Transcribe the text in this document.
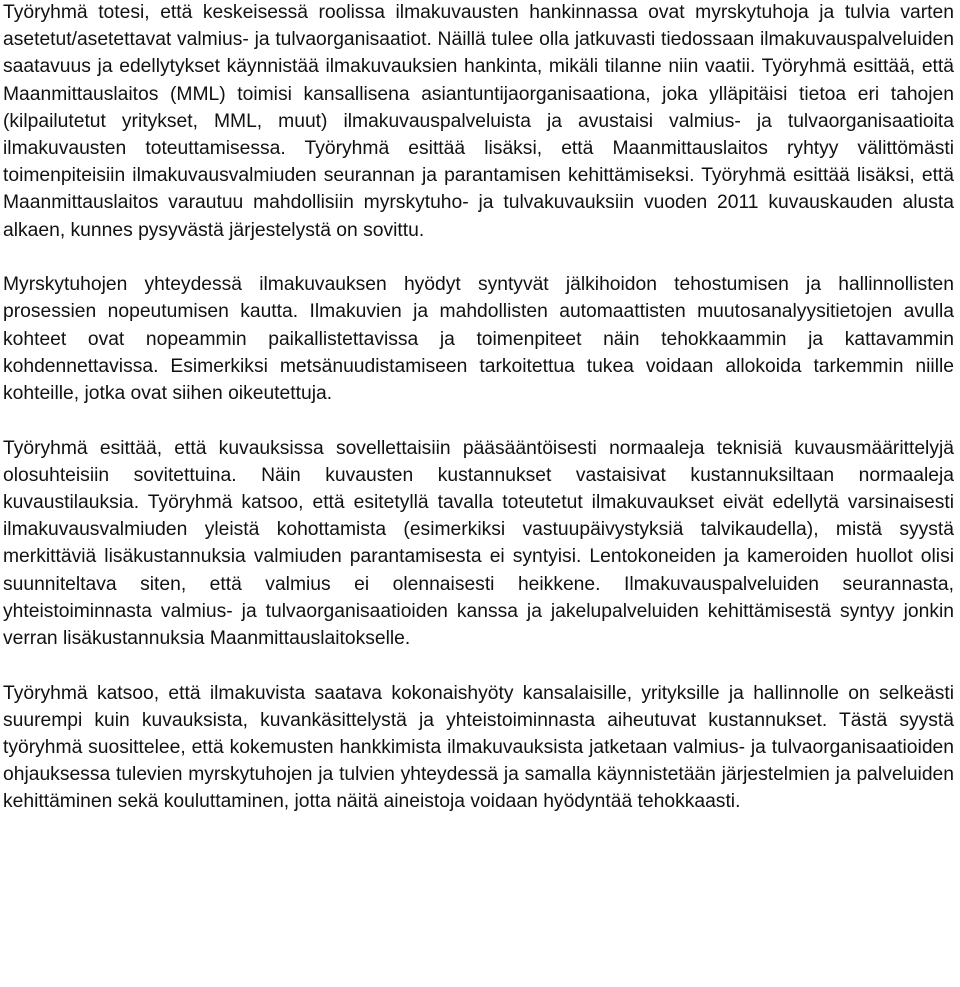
Työryhmä totesi, että keskeisessä roolissa ilmakuvausten hankinnassa ovat myrskytuhoja ja tulvia varten asetetut/asetettavat valmius- ja tulvaorganisaatiot. Näillä tulee olla jatkuvasti tiedossaan ilmakuvauspalveluiden saatavuus ja edellytykset käynnistää ilmakuvauksien hankinta, mikäli tilanne niin vaatii. Työryhmä esittää, että Maanmittauslaitos (MML) toimisi kansallisena asiantuntijaorganisaationa, joka ylläpitäisi tietoa eri tahojen (kilpailutetut yritykset, MML, muut) ilmakuvauspalveluista ja avustaisi valmius- ja tulvaorganisaatioita ilmakuvausten toteuttamisessa. Työryhmä esittää lisäksi, että Maanmittauslaitos ryhtyy välittömästi toimenpiteisiin ilmakuvausvalmiuden seurannan ja parantamisen kehittämiseksi. Työryhmä esittää lisäksi, että Maanmittauslaitos varautuu mahdollisiin myrskytuho- ja tulvakuvauksiin vuoden 2011 kuvauskauden alusta alkaen, kunnes pysyvästä järjestelystä on sovittu.

Myrskytuhojen yhteydessä ilmakuvauksen hyödyt syntyvät jälkihoidon tehostumisen ja hallinnollisten prosessien nopeutumisen kautta. Ilmakuvien ja mahdollisten automaattisten muutosanalyysitietojen avulla kohteet ovat nopeammin paikallistettavissa ja toimenpiteet näin tehokkaammin ja kattavammin kohdennettavissa. Esimerkiksi metsänuudistamiseen tarkoitettua tukea voidaan allokoida tarkemmin niille kohteille, jotka ovat siihen oikeutettuja.

Työryhmä esittää, että kuvauksissa sovellettaisiin pääsääntöisesti normaaleja teknisiä kuvausmäärittelyjä olosuhteisiin sovitettuina. Näin kuvausten kustannukset vastaisivat kustannuksiltaan normaaleja kuvaustilauksia. Työryhmä katsoo, että esitetyllä tavalla toteutetut ilmakuvaukset eivät edellytä varsinaisesti ilmakuvausvalmiuden yleistä kohottamista (esimerkiksi vastuupäivystyksiä talvikaudella), mistä syystä merkittäviä lisäkustannuksia valmiuden parantamisesta ei syntyisi. Lentokoneiden ja kameroiden huollot olisi suunniteltava siten, että valmius ei olennaisesti heikkene. Ilmakuvauspalveluiden seurannasta, yhteistoiminnasta valmius- ja tulvaorganisaatioiden kanssa ja jakelupalveluiden kehittämisestä syntyy jonkin verran lisäkustannuksia Maanmittauslaitokselle.

Työryhmä katsoo, että ilmakuvista saatava kokonaishyöty kansalaisille, yrityksille ja hallinnolle on selkeästi suurempi kuin kuvauksista, kuvankäsittelystä ja yhteistoiminnasta aiheutuvat kustannukset. Tästä syystä työryhmä suosittelee, että kokemusten hankkimista ilmakuvauksista jatketaan valmius- ja tulvaorganisaatioiden ohjauksessa tulevien myrskytuhojen ja tulvien yhteydessä ja samalla käynnistetään järjestelmien ja palveluiden kehittäminen sekä kouluttaminen, jotta näitä aineistoja voidaan hyödyntää tehokkaasti.
